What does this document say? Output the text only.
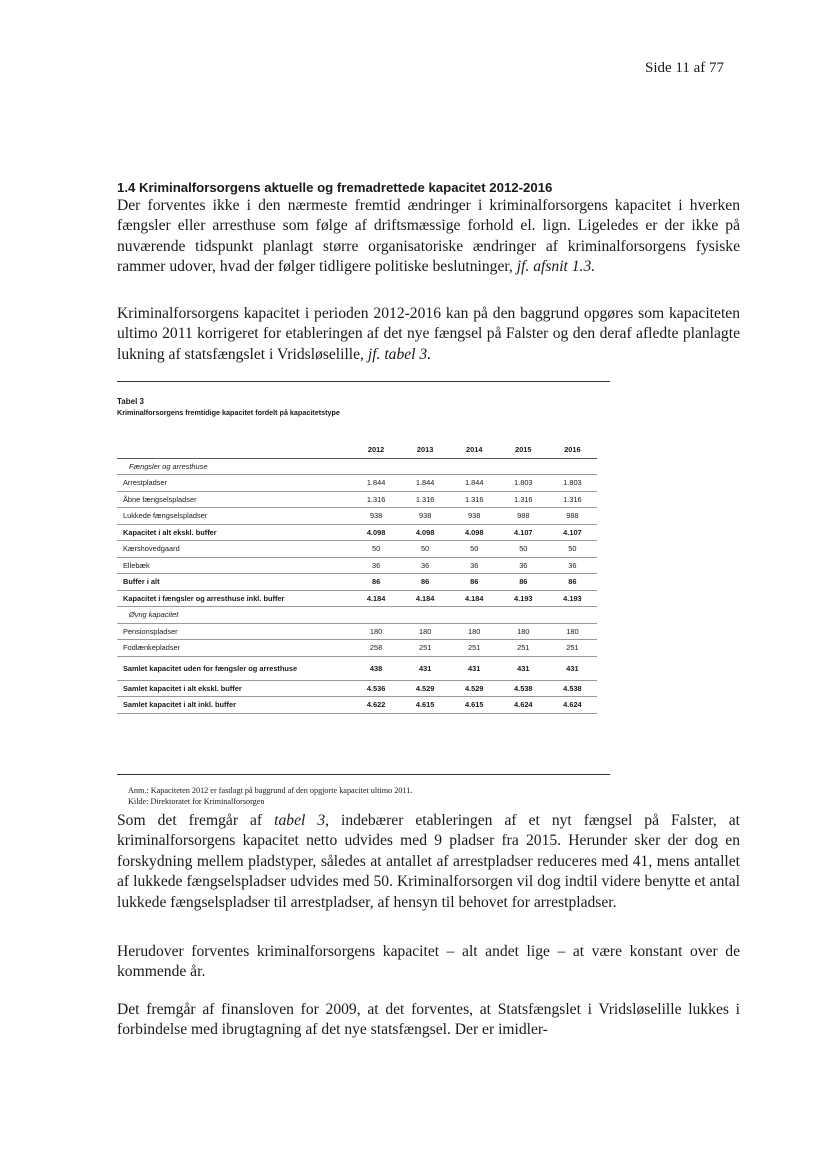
Side 11 af 77
1.4 Kriminalforsorgens aktuelle og fremadrettede kapacitet 2012-2016

Der forventes ikke i den nærmeste fremtid ændringer i kriminalforsorgens kapacitet i hverken fængsler eller arresthuse som følge af driftsmæssige forhold el. lign. Ligeledes er der ikke på nuværende tidspunkt planlagt større organisatoriske ændringer af kriminalforsorgens fysiske rammer udover, hvad der følger tidligere politiske beslutninger, jf. afsnit 1.3.

Kriminalforsorgens kapacitet i perioden 2012-2016 kan på den baggrund opgøres som kapaciteten ultimo 2011 korrigeret for etableringen af det nye fængsel på Falster og den deraf afledte planlagte lukning af statsfængslet i Vridsløselille, jf. tabel 3.

Tabel 3

Kriminalforsorgens fremtidige kapacitet fordelt på kapacitetstype

	2012	2013	2014	2015	2016
Fængsler og arresthuse					
Arrestpladser	1.844	1.844	1.844	1.803	1.803
Åbne fængselspladser	1.316	1.316	1.316	1.316	1.316
Lukkede fængselspladser	938	938	938	988	988
Kapacitet i alt ekskl. buffer	4.098	4.098	4.098	4.107	4.107
Kærshovedgaard	50	50	50	50	50
Ellebæk	36	36	36	36	36
Buffer i alt	86	86	86	86	86
Kapacitet i fængsler og arresthuse inkl. buffer	4.184	4.184	4.184	4.193	4.193
Øvrig kapacitet					
Pensionspladser	180	180	180	180	180
Fodlænkepladser	258	251	251	251	251
Samlet kapacitet uden for fængsler og arresthuse	438	431	431	431	431
Samlet kapacitet i alt ekskl. buffer	4.536	4.529	4.529	4.538	4.538
Samlet kapacitet i alt inkl. buffer	4.622	4.615	4.615	4.624	4.624

Anm.: Kapaciteten 2012 er fastlagt på baggrund af den opgjorte kapacitet ultimo 2011.

Kilde: Direktoratet for Kriminalforsorgen

Som det fremgår af tabel 3, indebærer etableringen af et nyt fængsel på Falster, at kriminalforsorgens kapacitet netto udvides med 9 pladser fra 2015. Herunder sker der dog en forskydning mellem pladstyper, således at antallet af arrestpladser reduceres med 41, mens antallet af lukkede fængselspladser udvides med 50. Kriminalforsorgen vil dog indtil videre benytte et antal lukkede fængselspladser til arrestpladser, af hensyn til behovet for arrestpladser.

Herudover forventes kriminalforsorgens kapacitet – alt andet lige – at være konstant over de kommende år.

Det fremgår af finansloven for 2009, at det forventes, at Statsfængslet i Vridsløselille lukkes i forbindelse med ibrugtagning af det nye statsfængsel. Der er imidler-
